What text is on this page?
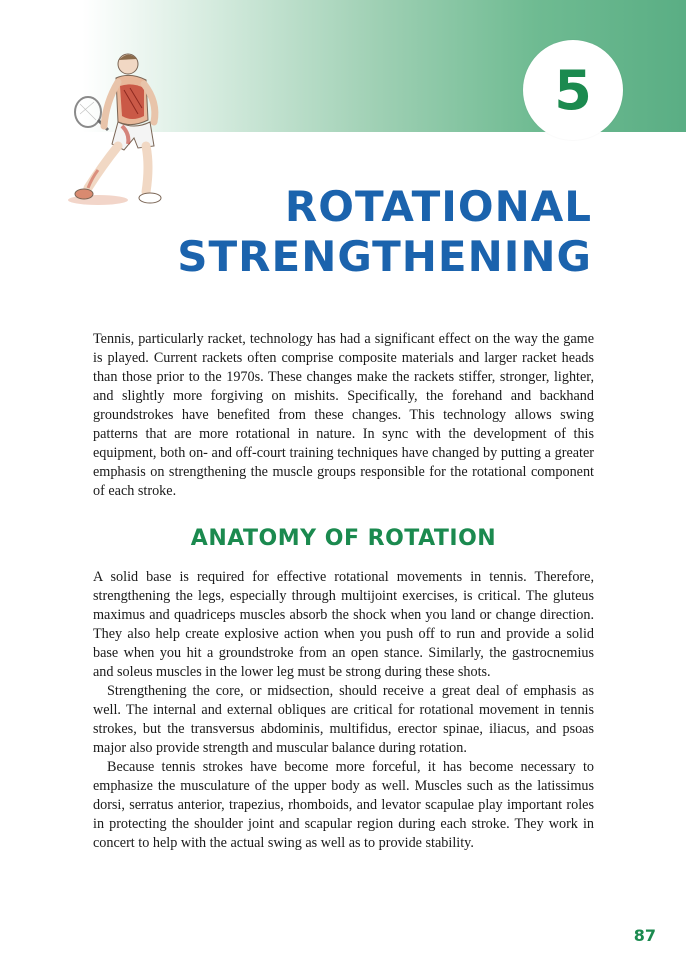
5
ROTATIONAL
STRENGTHENING

Tennis, particularly racket, technology has had a significant effect on the way the game is played. Current rackets often comprise composite materials and larger racket heads than those prior to the 1970s. These changes make the rackets stiffer, stronger, lighter, and slightly more forgiving on mishits. Specifically, the forehand and backhand groundstrokes have benefited from these changes. This technology allows swing patterns that are more rotational in nature. In sync with the development of this equipment, both on- and off-court training techniques have changed by putting a greater emphasis on strengthening the muscle groups responsible for the rotational component of each stroke.

ANATOMY OF ROTATION

A solid base is required for effective rotational movements in tennis. Therefore, strengthening the legs, especially through multijoint exercises, is critical. The gluteus maximus and quadriceps muscles absorb the shock when you land or change direction. They also help create explosive action when you push off to run and provide a solid base when you hit a groundstroke from an open stance. Similarly, the gastrocnemius and soleus muscles in the lower leg must be strong during these shots.

Strengthening the core, or midsection, should receive a great deal of emphasis as well. The internal and external obliques are critical for rotational movement in tennis strokes, but the transversus abdominis, multifidus, erector spinae, iliacus, and psoas major also provide strength and muscular balance during rotation.

Because tennis strokes have become more forceful, it has become necessary to emphasize the musculature of the upper body as well. Muscles such as the latissimus dorsi, serratus anterior, trapezius, rhomboids, and levator scapulae play important roles in protecting the shoulder joint and scapular region during each stroke. They work in concert to help with the actual swing as well as to provide stability.

87
